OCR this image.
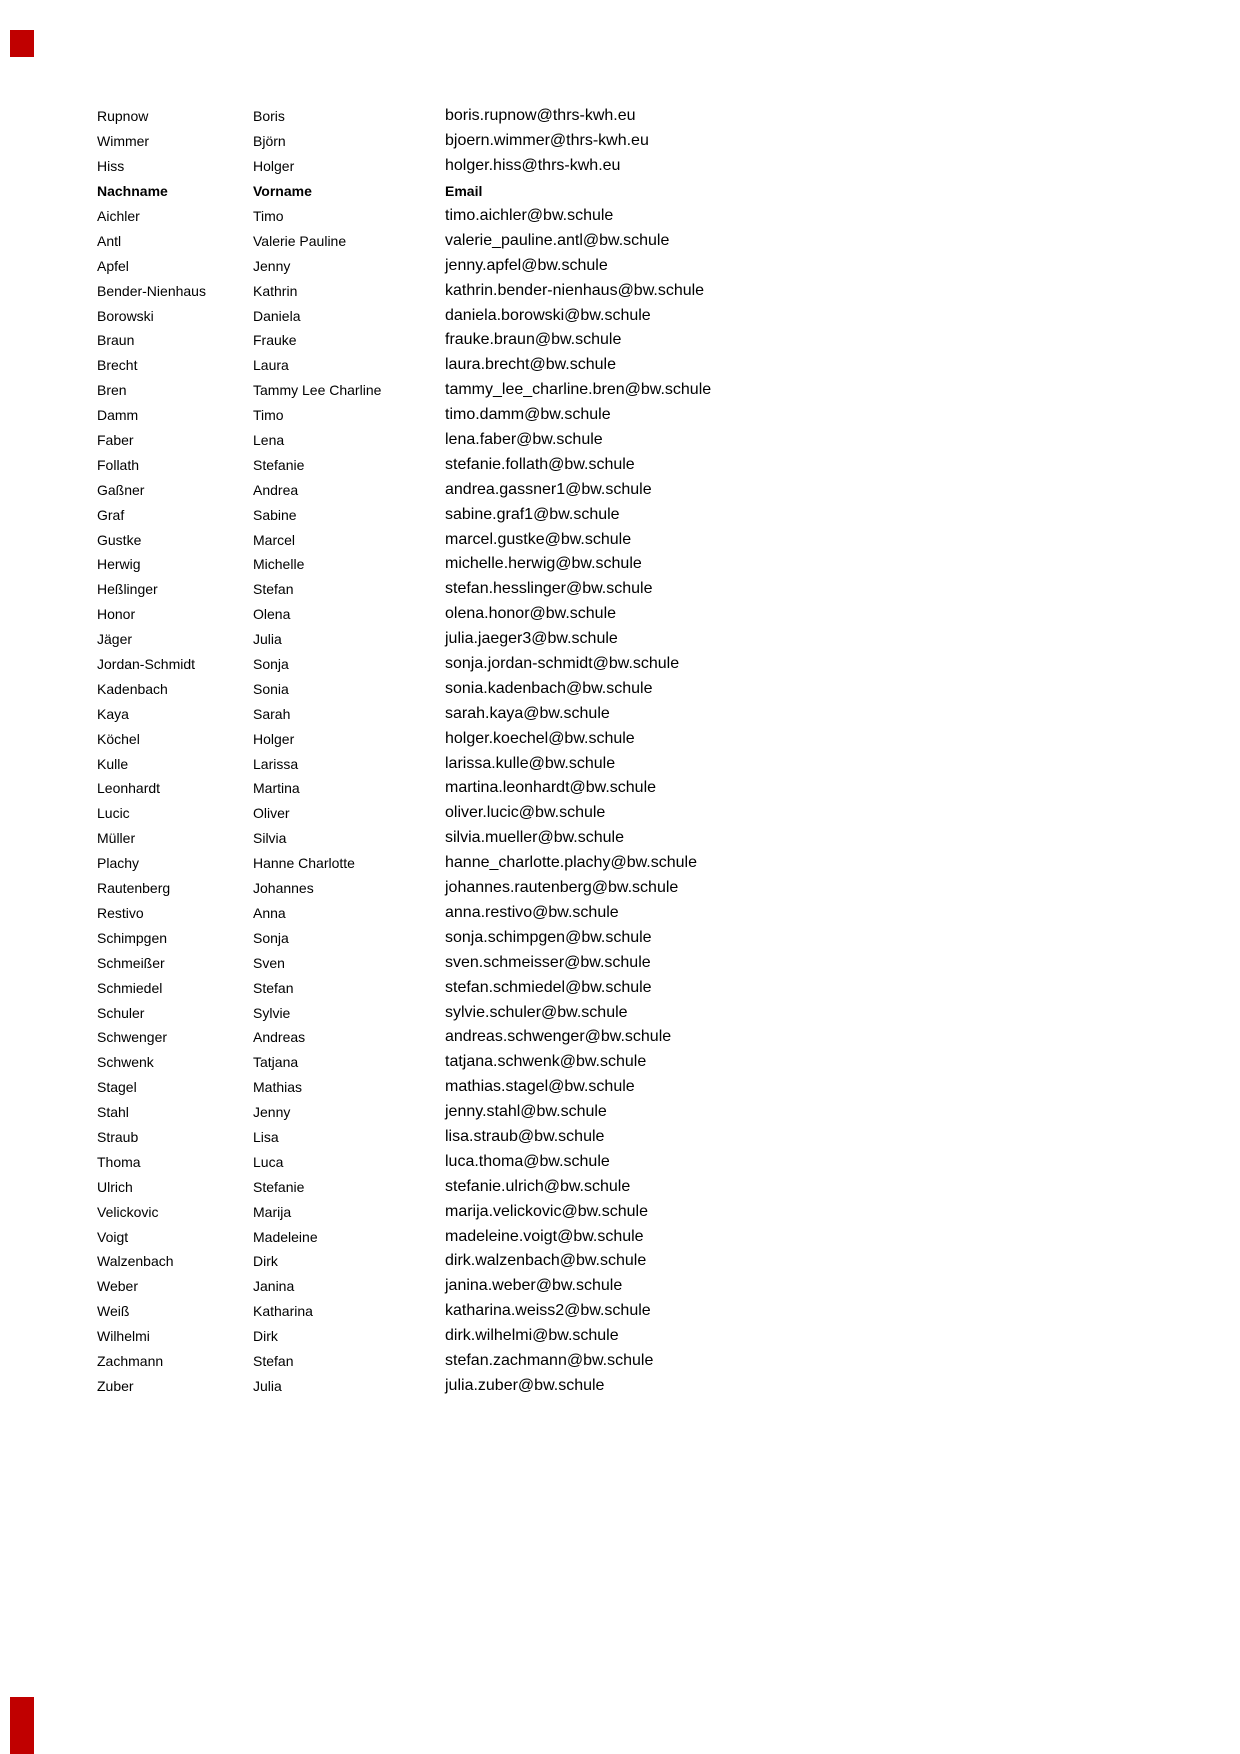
Rupnow	Boris	boris.rupnow@thrs-kwh.eu
Wimmer	Björn	bjoern.wimmer@thrs-kwh.eu
Hiss	Holger	holger.hiss@thrs-kwh.eu
Nachname	Vorname	Email
Aichler	Timo	timo.aichler@bw.schule
Antl	Valerie Pauline	valerie_pauline.antl@bw.schule
Apfel	Jenny	jenny.apfel@bw.schule
Bender-Nienhaus	Kathrin	kathrin.bender-nienhaus@bw.schule
Borowski	Daniela	daniela.borowski@bw.schule
Braun	Frauke	frauke.braun@bw.schule
Brecht	Laura	laura.brecht@bw.schule
Bren	Tammy Lee Charline	tammy_lee_charline.bren@bw.schule
Damm	Timo	timo.damm@bw.schule
Faber	Lena	lena.faber@bw.schule
Follath	Stefanie	stefanie.follath@bw.schule
Gaßner	Andrea	andrea.gassner1@bw.schule
Graf	Sabine	sabine.graf1@bw.schule
Gustke	Marcel	marcel.gustke@bw.schule
Herwig	Michelle	michelle.herwig@bw.schule
Heßlinger	Stefan	stefan.hesslinger@bw.schule
Honor	Olena	olena.honor@bw.schule
Jäger	Julia	julia.jaeger3@bw.schule
Jordan-Schmidt	Sonja	sonja.jordan-schmidt@bw.schule
Kadenbach	Sonia	sonia.kadenbach@bw.schule
Kaya	Sarah	sarah.kaya@bw.schule
Köchel	Holger	holger.koechel@bw.schule
Kulle	Larissa	larissa.kulle@bw.schule
Leonhardt	Martina	martina.leonhardt@bw.schule
Lucic	Oliver	oliver.lucic@bw.schule
Müller	Silvia	silvia.mueller@bw.schule
Plachy	Hanne Charlotte	hanne_charlotte.plachy@bw.schule
Rautenberg	Johannes	johannes.rautenberg@bw.schule
Restivo	Anna	anna.restivo@bw.schule
Schimpgen	Sonja	sonja.schimpgen@bw.schule
Schmeißer	Sven	sven.schmeisser@bw.schule
Schmiedel	Stefan	stefan.schmiedel@bw.schule
Schuler	Sylvie	sylvie.schuler@bw.schule
Schwenger	Andreas	andreas.schwenger@bw.schule
Schwenk	Tatjana	tatjana.schwenk@bw.schule
Stagel	Mathias	mathias.stagel@bw.schule
Stahl	Jenny	jenny.stahl@bw.schule
Straub	Lisa	lisa.straub@bw.schule
Thoma	Luca	luca.thoma@bw.schule
Ulrich	Stefanie	stefanie.ulrich@bw.schule
Velickovic	Marija	marija.velickovic@bw.schule
Voigt	Madeleine	madeleine.voigt@bw.schule
Walzenbach	Dirk	dirk.walzenbach@bw.schule
Weber	Janina	janina.weber@bw.schule
Weiß	Katharina	katharina.weiss2@bw.schule
Wilhelmi	Dirk	dirk.wilhelmi@bw.schule
Zachmann	Stefan	stefan.zachmann@bw.schule
Zuber	Julia	julia.zuber@bw.schule
